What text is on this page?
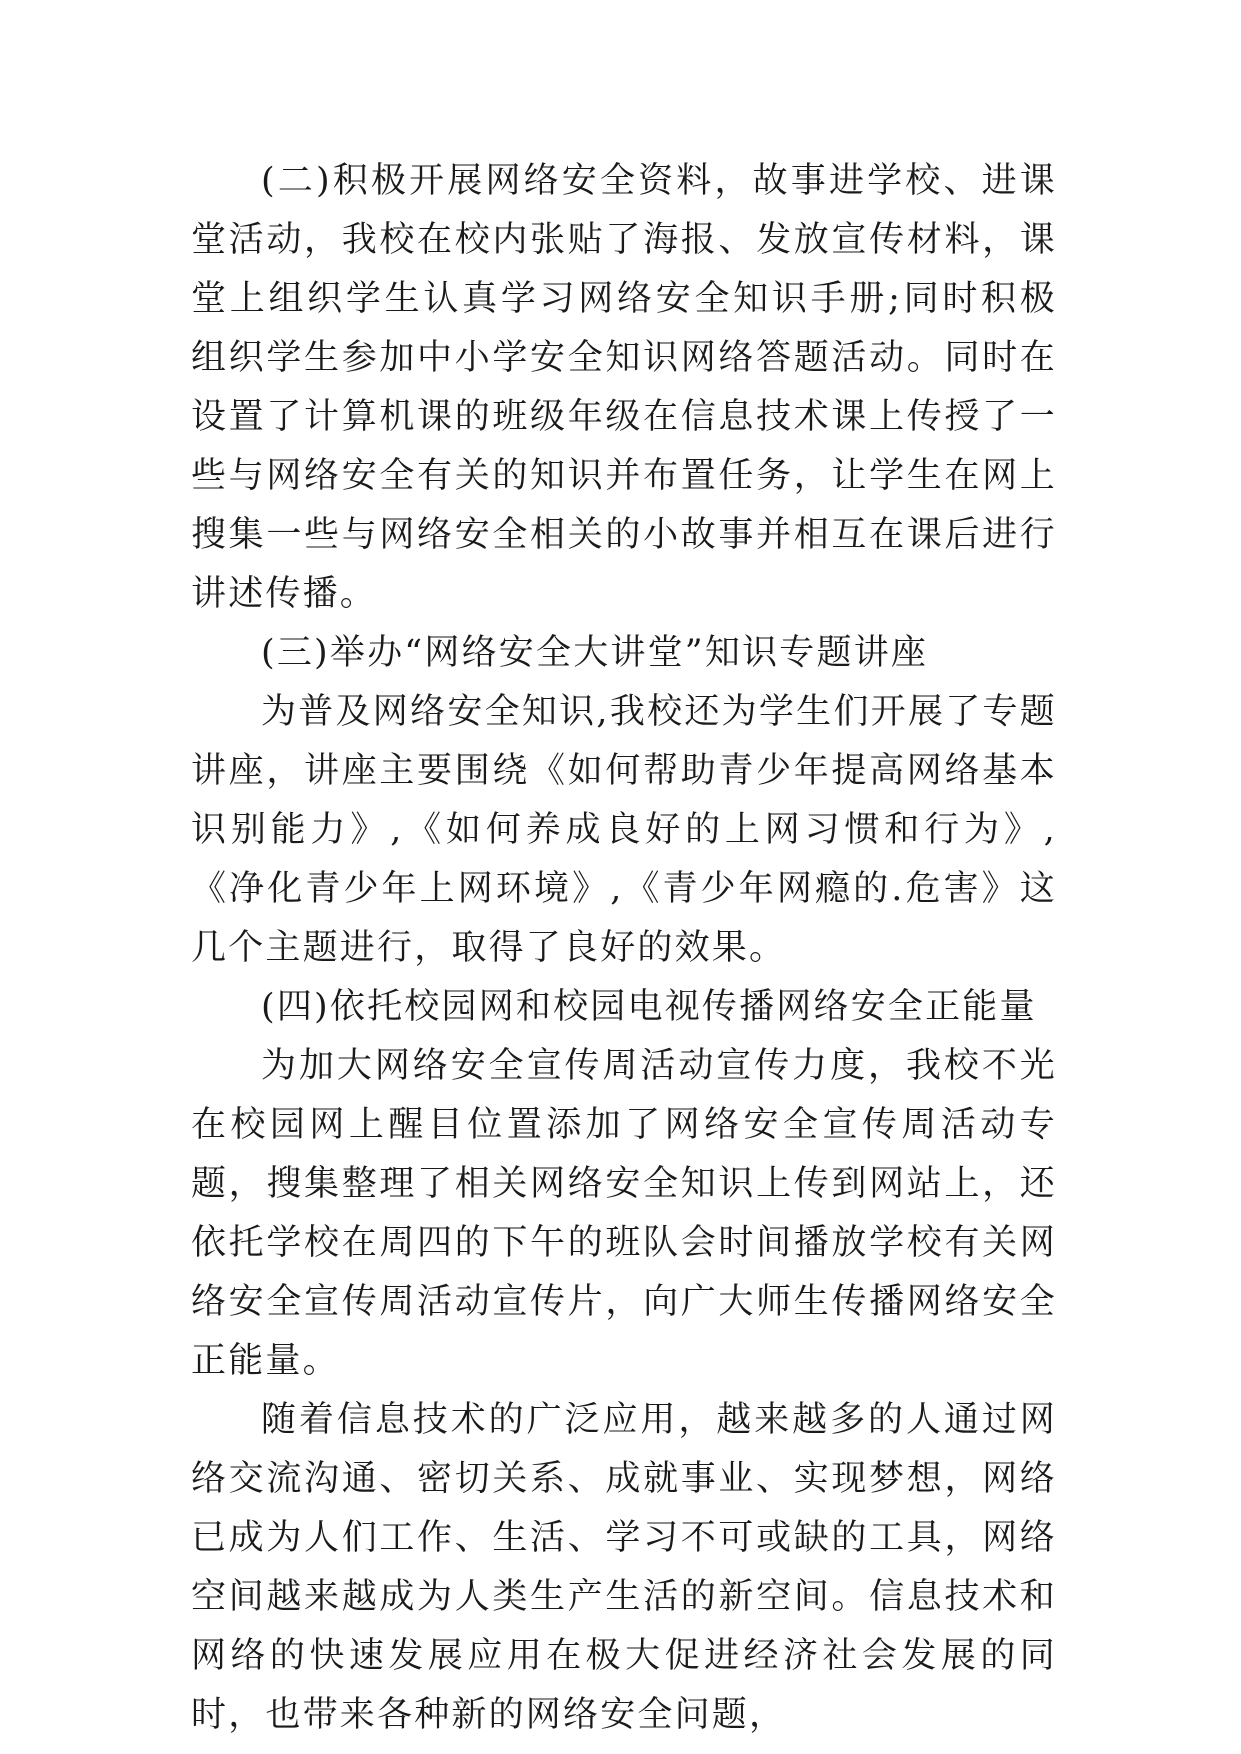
(二)积极开展网络安全资料，故事进学校、进课堂活动，我校在校内张贴了海报、发放宣传材料，课堂上组织学生认真学习网络安全知识手册;同时积极组织学生参加中小学安全知识网络答题活动。同时在设置了计算机课的班级年级在信息技术课上传授了一些与网络安全有关的知识并布置任务，让学生在网上搜集一些与网络安全相关的小故事并相互在课后进行讲述传播。

(三)举办“网络安全大讲堂”知识专题讲座

为普及网络安全知识,我校还为学生们开展了专题讲座，讲座主要围绕《如何帮助青少年提高网络基本识别能力》,《如何养成良好的上网习惯和行为》,《净化青少年上网环境》,《青少年网瘾的.危害》这几个主题进行，取得了良好的效果。

(四)依托校园网和校园电视传播网络安全正能量

为加大网络安全宣传周活动宣传力度，我校不光在校园网上醒目位置添加了网络安全宣传周活动专题，搜集整理了相关网络安全知识上传到网站上，还依托学校在周四的下午的班队会时间播放学校有关网络安全宣传周活动宣传片，向广大师生传播网络安全正能量。

随着信息技术的广泛应用，越来越多的人通过网络交流沟通、密切关系、成就事业、实现梦想，网络已成为人们工作、生活、学习不可或缺的工具，网络空间越来越成为人类生产生活的新空间。信息技术和网络的快速发展应用在极大促进经济社会发展的同时，也带来各种新的网络安全问题，
